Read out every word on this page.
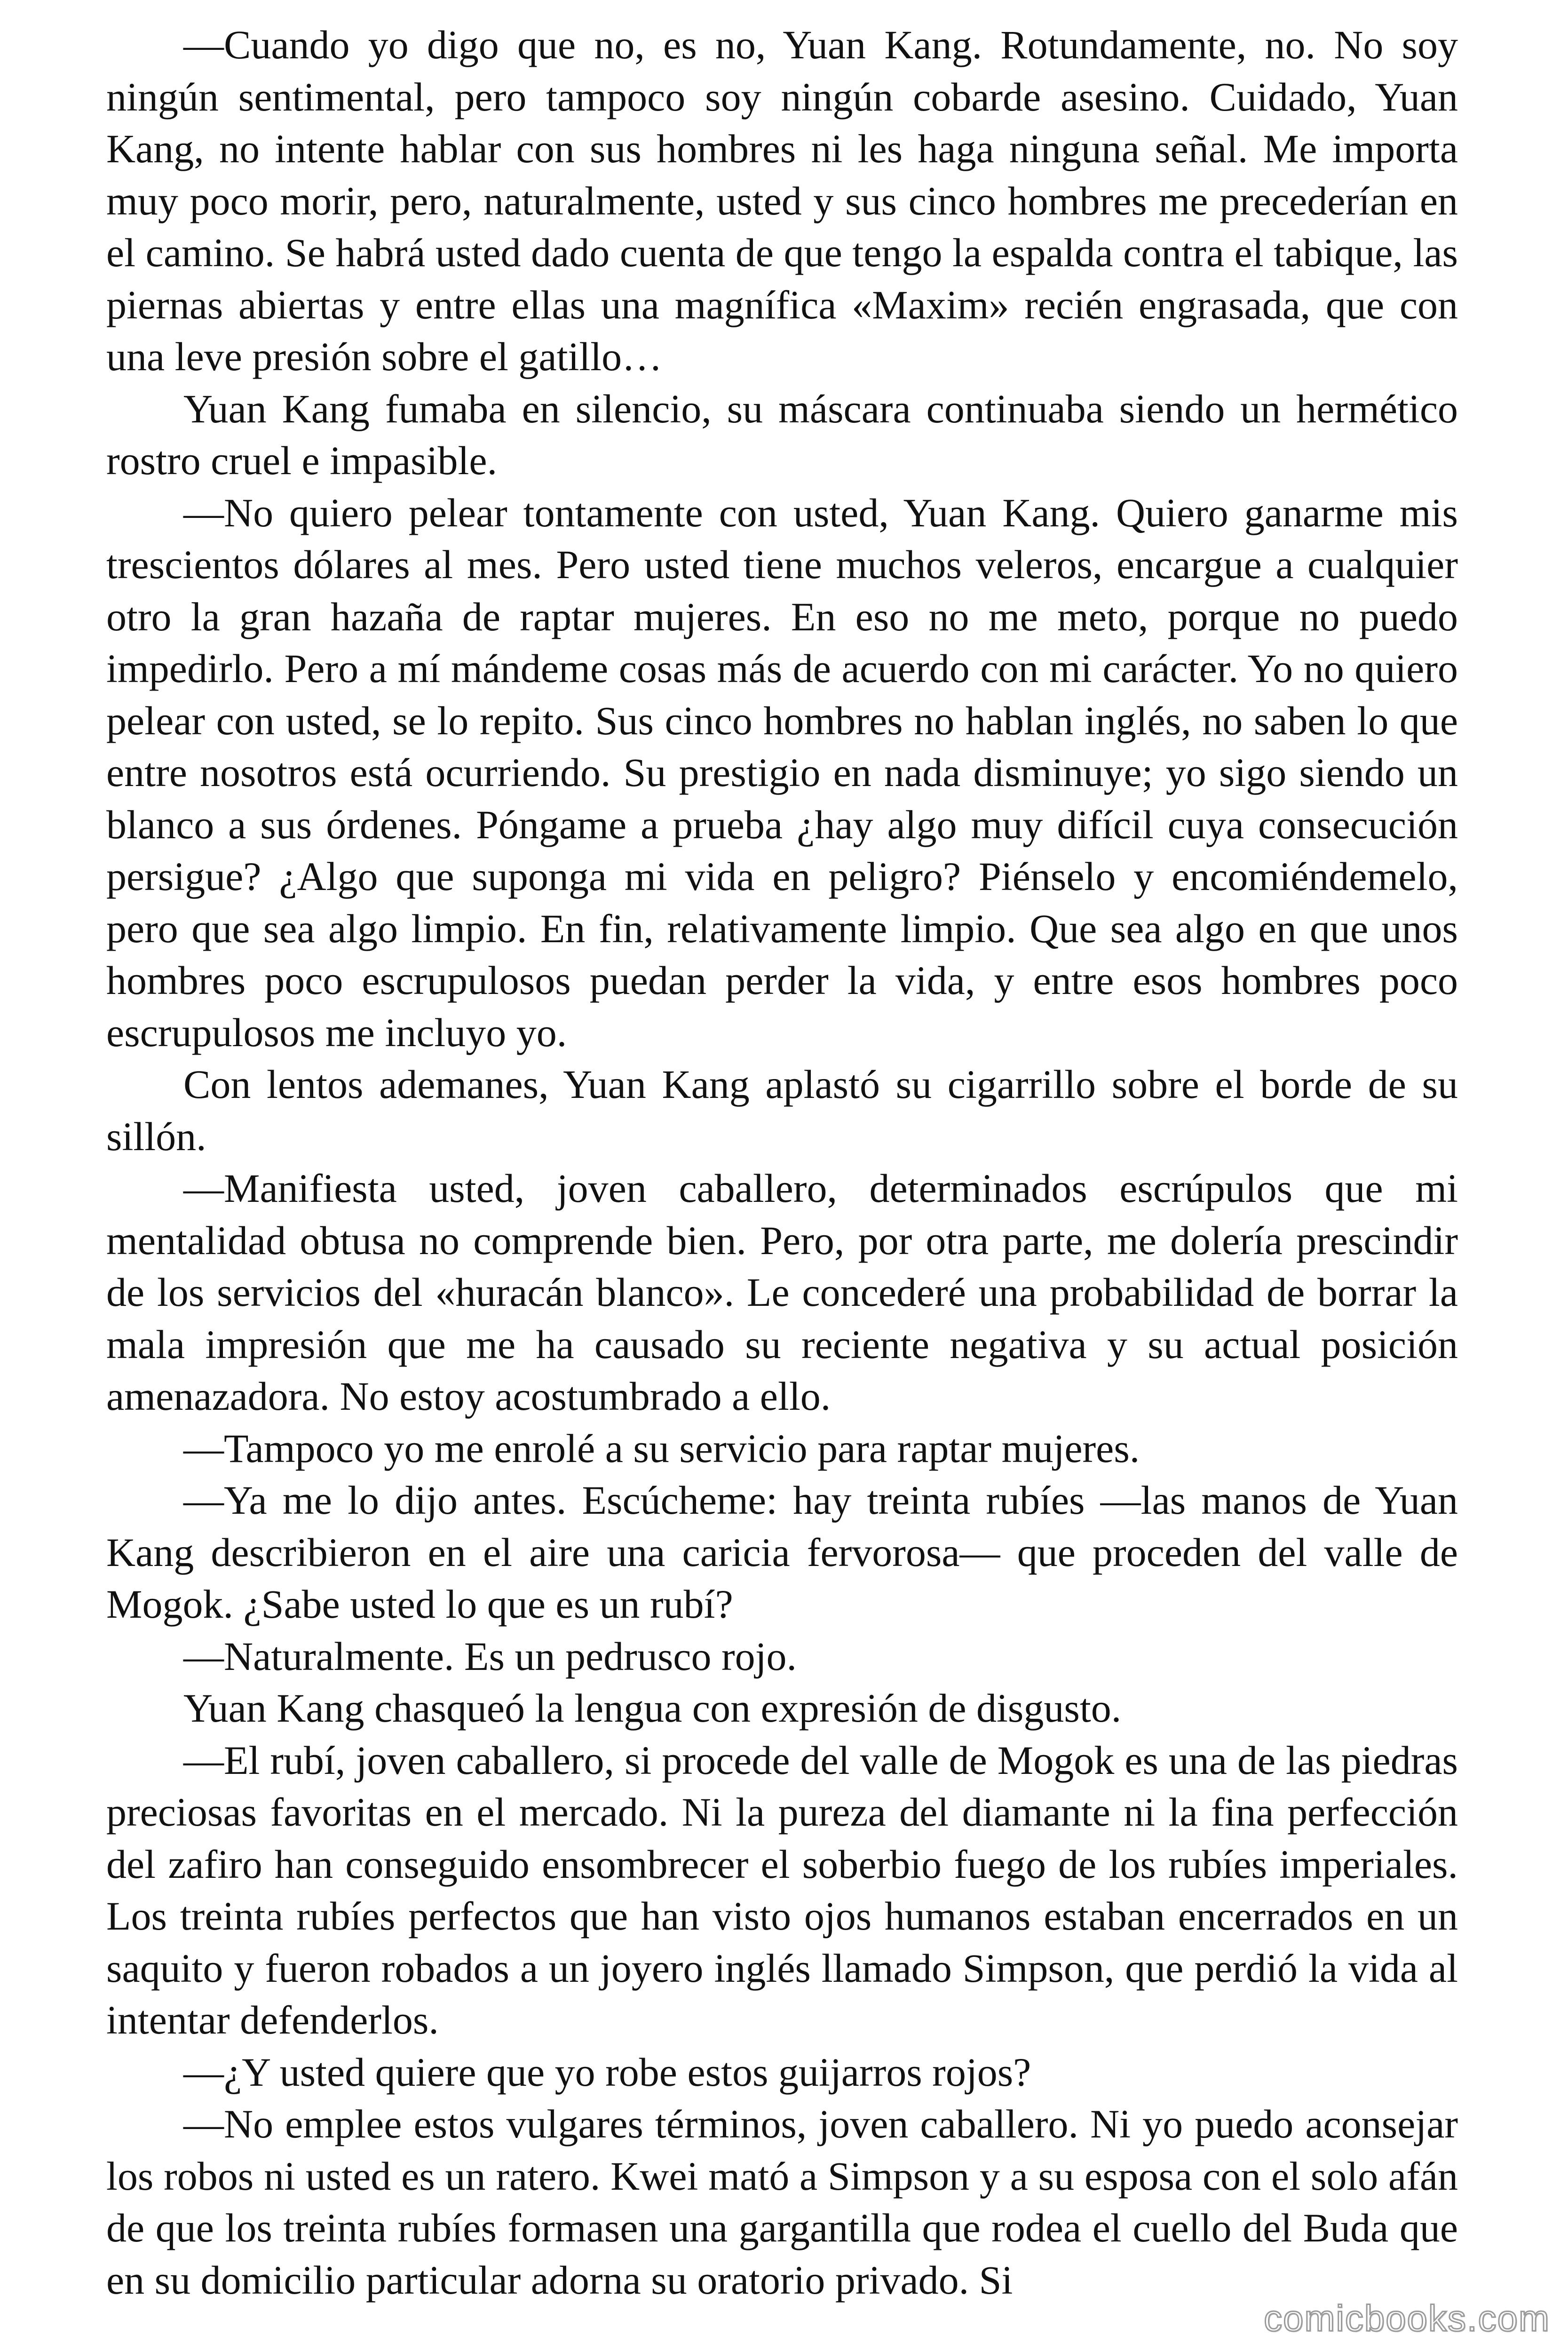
—Cuando yo digo que no, es no, Yuan Kang. Rotundamente, no. No soy ningún sentimental, pero tampoco soy ningún cobarde asesino. Cuidado, Yuan Kang, no intente hablar con sus hombres ni les haga ninguna señal. Me importa muy poco morir, pero, naturalmente, usted y sus cinco hombres me precederían en el camino. Se habrá usted dado cuenta de que tengo la espalda contra el tabique, las piernas abiertas y entre ellas una magnífica «Maxim» recién engrasada, que con una leve presión sobre el gatillo…

Yuan Kang fumaba en silencio, su máscara continuaba siendo un hermético rostro cruel e impasible.

—No quiero pelear tontamente con usted, Yuan Kang. Quiero ganarme mis trescientos dólares al mes. Pero usted tiene muchos veleros, encargue a cualquier otro la gran hazaña de raptar mujeres. En eso no me meto, porque no puedo impedirlo. Pero a mí mándeme cosas más de acuerdo con mi carácter. Yo no quiero pelear con usted, se lo repito. Sus cinco hombres no hablan inglés, no saben lo que entre nosotros está ocurriendo. Su prestigio en nada disminuye; yo sigo siendo un blanco a sus órdenes. Póngame a prueba ¿hay algo muy difícil cuya consecución persigue? ¿Algo que suponga mi vida en peligro? Piénselo y encomiéndemelo, pero que sea algo limpio. En fin, relativamente limpio. Que sea algo en que unos hombres poco escrupulosos puedan perder la vida, y entre esos hombres poco escrupulosos me incluyo yo.

Con lentos ademanes, Yuan Kang aplastó su cigarrillo sobre el borde de su sillón.

—Manifiesta usted, joven caballero, determinados escrúpulos que mi mentalidad obtusa no comprende bien. Pero, por otra parte, me dolería prescindir de los servicios del «huracán blanco». Le concederé una probabilidad de borrar la mala impresión que me ha causado su reciente negativa y su actual posición amenazadora. No estoy acostumbrado a ello.

—Tampoco yo me enrolé a su servicio para raptar mujeres.

—Ya me lo dijo antes. Escúcheme: hay treinta rubíes —las manos de Yuan Kang describieron en el aire una caricia fervorosa— que proceden del valle de Mogok. ¿Sabe usted lo que es un rubí?

—Naturalmente. Es un pedrusco rojo.

Yuan Kang chasqueó la lengua con expresión de disgusto.

—El rubí, joven caballero, si procede del valle de Mogok es una de las piedras preciosas favoritas en el mercado. Ni la pureza del diamante ni la fina perfección del zafiro han conseguido ensombrecer el soberbio fuego de los rubíes imperiales. Los treinta rubíes perfectos que han visto ojos humanos estaban encerrados en un saquito y fueron robados a un joyero inglés llamado Simpson, que perdió la vida al intentar defenderlos.

—¿Y usted quiere que yo robe estos guijarros rojos?

—No emplee estos vulgares términos, joven caballero. Ni yo puedo aconsejar los robos ni usted es un ratero. Kwei mató a Simpson y a su esposa con el solo afán de que los treinta rubíes formasen una gargantilla que rodea el cuello del Buda que en su domicilio particular adorna su oratorio privado. Si

comicbooks.com
